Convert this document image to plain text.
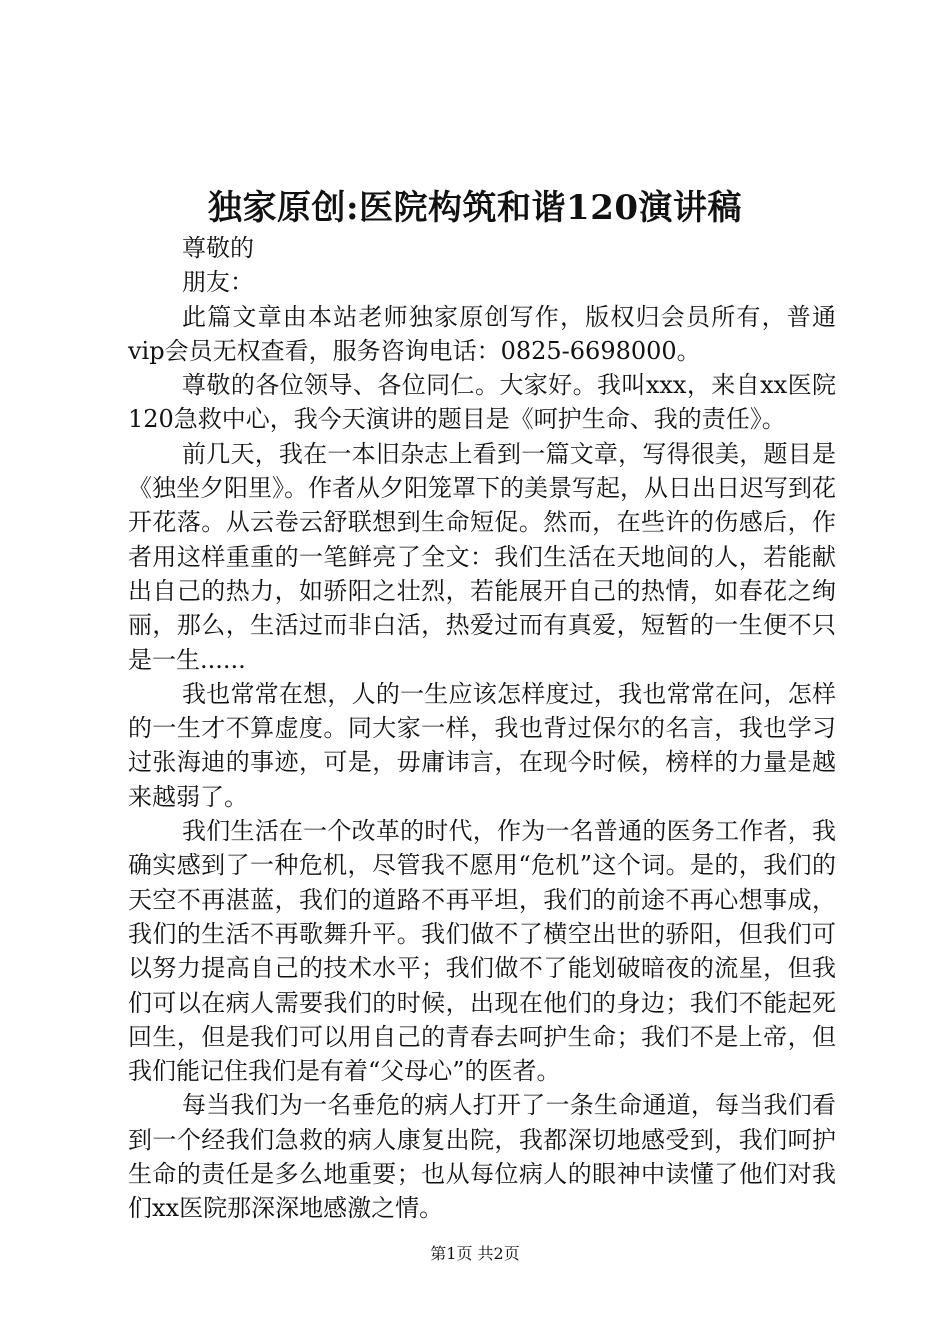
独家原创:医院构筑和谐120演讲稿

尊敬的

朋友：

此篇文章由本站老师独家原创写作，版权归会员所有，普通vip会员无权查看，服务咨询电话：0825-6698000。

尊敬的各位领导、各位同仁。大家好。我叫xxx，来自xx医院120急救中心，我今天演讲的题目是《呵护生命、我的责任》。

前几天，我在一本旧杂志上看到一篇文章，写得很美，题目是《独坐夕阳里》。作者从夕阳笼罩下的美景写起，从日出日迟写到花开花落。从云卷云舒联想到生命短促。然而，在些许的伤感后，作者用这样重重的一笔鲜亮了全文：我们生活在天地间的人，若能献出自己的热力，如骄阳之壮烈，若能展开自己的热情，如春花之绚丽，那么，生活过而非白活，热爱过而有真爱，短暂的一生便不只是一生......

我也常常在想，人的一生应该怎样度过，我也常常在问，怎样的一生才不算虚度。同大家一样，我也背过保尔的名言，我也学习过张海迪的事迹，可是，毋庸讳言，在现今时候，榜样的力量是越来越弱了。

我们生活在一个改革的时代，作为一名普通的医务工作者，我确实感到了一种危机，尽管我不愿用“危机”这个词。是的，我们的天空不再湛蓝，我们的道路不再平坦，我们的前途不再心想事成，我们的生活不再歌舞升平。我们做不了横空出世的骄阳，但我们可以努力提高自己的技术水平；我们做不了能划破暗夜的流星，但我们可以在病人需要我们的时候，出现在他们的身边；我们不能起死回生，但是我们可以用自己的青春去呵护生命；我们不是上帝，但我们能记住我们是有着“父母心”的医者。

每当我们为一名垂危的病人打开了一条生命通道，每当我们看到一个经我们急救的病人康复出院，我都深切地感受到，我们呵护生命的责任是多么地重要；也从每位病人的眼神中读懂了他们对我们xx医院那深深地感激之情。

第1页 共2页
